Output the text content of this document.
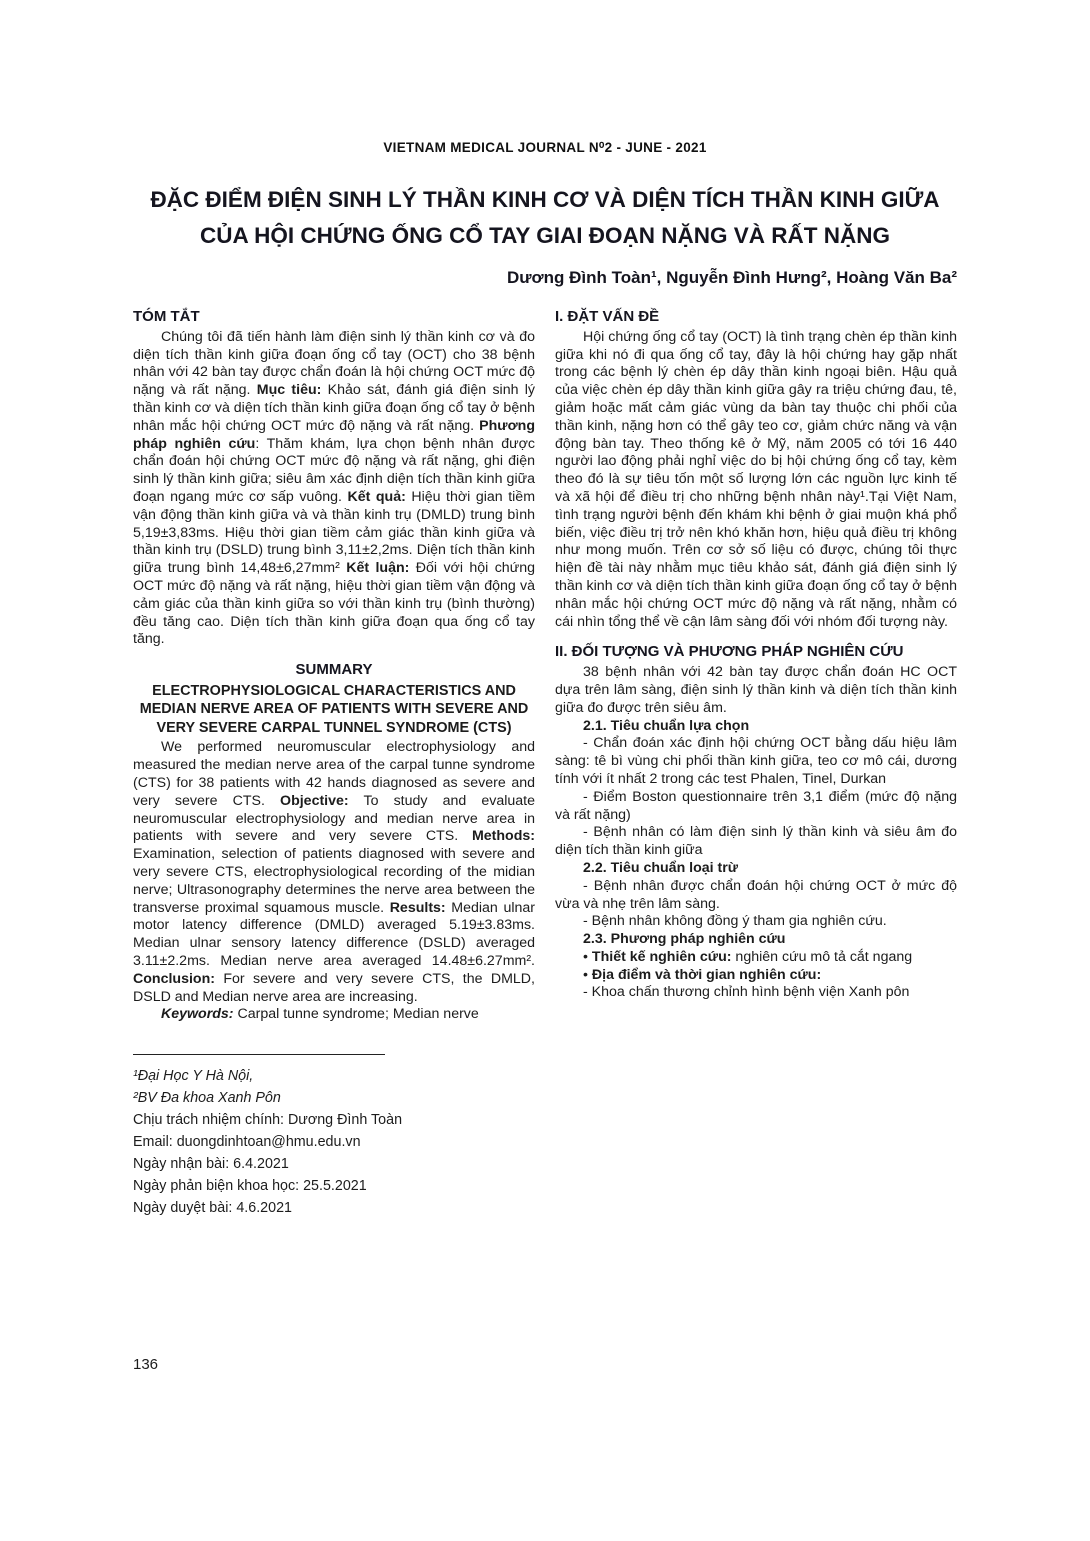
VIETNAM MEDICAL JOURNAL N⁰2 - JUNE - 2021
ĐẶC ĐIỂM ĐIỆN SINH LÝ THẦN KINH CƠ VÀ DIỆN TÍCH THẦN KINH GIỮA CỦA HỘI CHỨNG ỐNG CỔ TAY GIAI ĐOẠN NẶNG VÀ RẤT NẶNG
Dương Đình Toàn¹, Nguyễn Đình Hưng², Hoàng Văn Ba²
TÓM TẮT

Chúng tôi đã tiến hành làm điện sinh lý thần kinh cơ và đo diện tích thần kinh giữa đoạn ống cổ tay (OCT) cho 38 bệnh nhân với 42 bàn tay được chẩn đoán là hội chứng OCT mức độ nặng và rất nặng. Mục tiêu: Khảo sát, đánh giá điện sinh lý thần kinh cơ và diện tích thần kinh giữa đoạn ống cổ tay ở bệnh nhân mắc hội chứng OCT mức độ nặng và rất nặng. Phương pháp nghiên cứu: Thăm khám, lựa chọn bệnh nhân được chẩn đoán hội chứng OCT mức độ nặng và rất nặng, ghi điện sinh lý thần kinh giữa; siêu âm xác định diện tích thần kinh giữa đoạn ngang mức cơ sấp vuông. Kết quả: Hiệu thời gian tiềm vận động thần kinh giữa và và thần kinh trụ (DMLD) trung bình 5,19±3,83ms. Hiệu thời gian tiềm cảm giác thần kinh giữa và thần kinh trụ (DSLD) trung bình 3,11±2,2ms. Diện tích thần kinh giữa trung bình 14,48±6,27mm² Kết luận: Đối với hội chứng OCT mức độ nặng và rất nặng, hiệu thời gian tiềm vận động và cảm giác của thần kinh giữa so với thần kinh trụ (bình thường) đều tăng cao. Diện tích thần kinh giữa đoạn qua ống cổ tay tăng.

SUMMARY
ELECTROPHYSIOLOGICAL CHARACTERISTICS AND MEDIAN NERVE AREA OF PATIENTS WITH SEVERE AND VERY SEVERE CARPAL TUNNEL SYNDROME (CTS)

We performed neuromuscular electrophysiology and measured the median nerve area of the carpal tunne syndrome (CTS) for 38 patients with 42 hands diagnosed as severe and very severe CTS. Objective: To study and evaluate neuromuscular electrophysiology and median nerve area in patients with severe and very severe CTS. Methods: Examination, selection of patients diagnosed with severe and very severe CTS, electrophysiological recording of the midian nerve; Ultrasonography determines the nerve area between the transverse proximal squamous muscle. Results: Median ulnar motor latency difference (DMLD) averaged 5.19±3.83ms. Median ulnar sensory latency difference (DSLD) averaged 3.11±2.2ms. Median nerve area averaged 14.48±6.27mm². Conclusion: For severe and very severe CTS, the DMLD, DSLD and Median nerve area are increasing.

Keywords: Carpal tunne syndrome; Median nerve

¹Đại Học Y Hà Nội,

²BV Đa khoa Xanh Pôn

Chịu trách nhiệm chính: Dương Đình Toàn

Email: duongdinhtoan@hmu.edu.vn

Ngày nhận bài: 6.4.2021

Ngày phản biện khoa học: 25.5.2021

Ngày duyệt bài: 4.6.2021

I. ĐẶT VẤN ĐỀ

Hội chứng ống cổ tay (OCT) là tình trạng chèn ép thần kinh giữa khi nó đi qua ống cổ tay, đây là hội chứng hay gặp nhất trong các bệnh lý chèn ép dây thần kinh ngoại biên. Hậu quả của việc chèn ép dây thần kinh giữa gây ra triệu chứng đau, tê, giảm hoặc mất cảm giác vùng da bàn tay thuộc chi phối của thần kinh, nặng hơn có thể gây teo cơ, giảm chức năng và vận động bàn tay. Theo thống kê ở Mỹ, năm 2005 có tới 16 440 người lao động phải nghỉ việc do bị hội chứng ống cổ tay, kèm theo đó là sự tiêu tốn một số lượng lớn các nguồn lực kinh tế và xã hội để điều trị cho những bệnh nhân này¹.Tại Việt Nam, tình trạng người bệnh đến khám khi bệnh ở giai muộn khá phổ biến, việc điều trị trở nên khó khăn hơn, hiệu quả điều trị không như mong muốn. Trên cơ sở số liệu có được, chúng tôi thực hiện đề tài này nhằm mục tiêu khảo sát, đánh giá điện sinh lý thần kinh cơ và diện tích thần kinh giữa đoạn ống cổ tay ở bệnh nhân mắc hội chứng OCT mức độ nặng và rất nặng, nhằm có cái nhìn tổng thể về cận lâm sàng đối với nhóm đối tượng này.

II. ĐỐI TƯỢNG VÀ PHƯƠNG PHÁP NGHIÊN CỨU

38 bệnh nhân với 42 bàn tay được chẩn đoán HC OCT dựa trên lâm sàng, điện sinh lý thần kinh và diện tích thần kinh giữa đo được trên siêu âm.

2.1. Tiêu chuẩn lựa chọn

- Chẩn đoán xác định hội chứng OCT bằng dấu hiệu lâm sàng: tê bì vùng chi phối thần kinh giữa, teo cơ mô cái, dương tính với ít nhất 2 trong các test Phalen, Tinel, Durkan

- Điểm Boston questionnaire trên 3,1 điểm (mức độ nặng và rất nặng)

- Bệnh nhân có làm điện sinh lý thần kinh và siêu âm đo diện tích thần kinh giữa

2.2. Tiêu chuẩn loại trừ

- Bệnh nhân được chẩn đoán hội chứng OCT ở mức độ vừa và nhẹ trên lâm sàng.

- Bệnh nhân không đồng ý tham gia nghiên cứu.

2.3. Phương pháp nghiên cứu

• Thiết kế nghiên cứu: nghiên cứu mô tả cắt ngang

• Địa điểm và thời gian nghiên cứu:

- Khoa chấn thương chỉnh hình bệnh viện Xanh pôn

136
